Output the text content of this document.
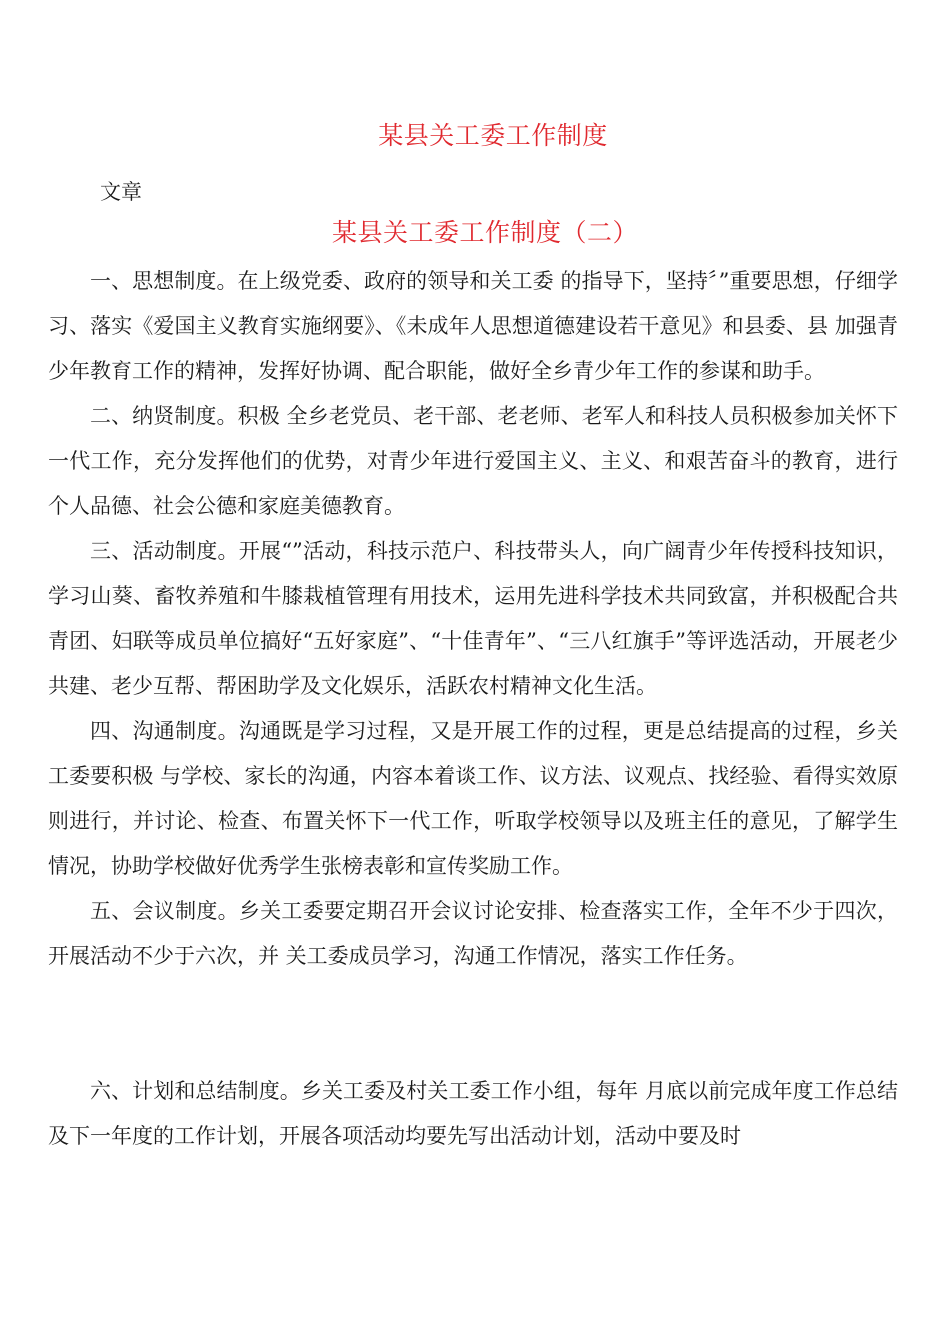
某县关工委工作制度
文章
某县关工委工作制度（二）

一、思想制度。在上级党委、政府的领导和关工委 的指导下，坚持〞”重要思想，仔细学习、落实《爱国主义教育实施纲要》、《未成年人思想道德建设若干意见》和县委、县 加强青少年教育工作的精神，发挥好协调、配合职能，做好全乡青少年工作的参谋和助手。

二、纳贤制度。积极 全乡老党员、老干部、老老师、老军人和科技人员积极参加关怀下一代工作，充分发挥他们的优势，对青少年进行爱国主义、主义、和艰苦奋斗的教育，进行个人品德、社会公德和家庭美德教育。

三、活动制度。开展“”活动，科技示范户、科技带头人，向广阔青少年传授科技知识，学习山葵、畜牧养殖和牛膝栽植管理有用技术，运用先进科学技术共同致富，并积极配合共青团、妇联等成员单位搞好“五好家庭”、“十佳青年”、“三八红旗手”等评选活动，开展老少共建、老少互帮、帮困助学及文化娱乐，活跃农村精神文化生活。

四、沟通制度。沟通既是学习过程，又是开展工作的过程，更是总结提高的过程，乡关工委要积极 与学校、家长的沟通，内容本着谈工作、议方法、议观点、找经验、看得实效原则进行，并讨论、检查、布置关怀下一代工作，听取学校领导以及班主任的意见，了解学生情况，协助学校做好优秀学生张榜表彰和宣传奖励工作。

五、会议制度。乡关工委要定期召开会议讨论安排、检查落实工作，全年不少于四次，开展活动不少于六次，并 关工委成员学习，沟通工作情况，落实工作任务。

六、计划和总结制度。乡关工委及村关工委工作小组，每年 月底以前完成年度工作总结及下一年度的工作计划，开展各项活动均要先写出活动计划，活动中要及时
